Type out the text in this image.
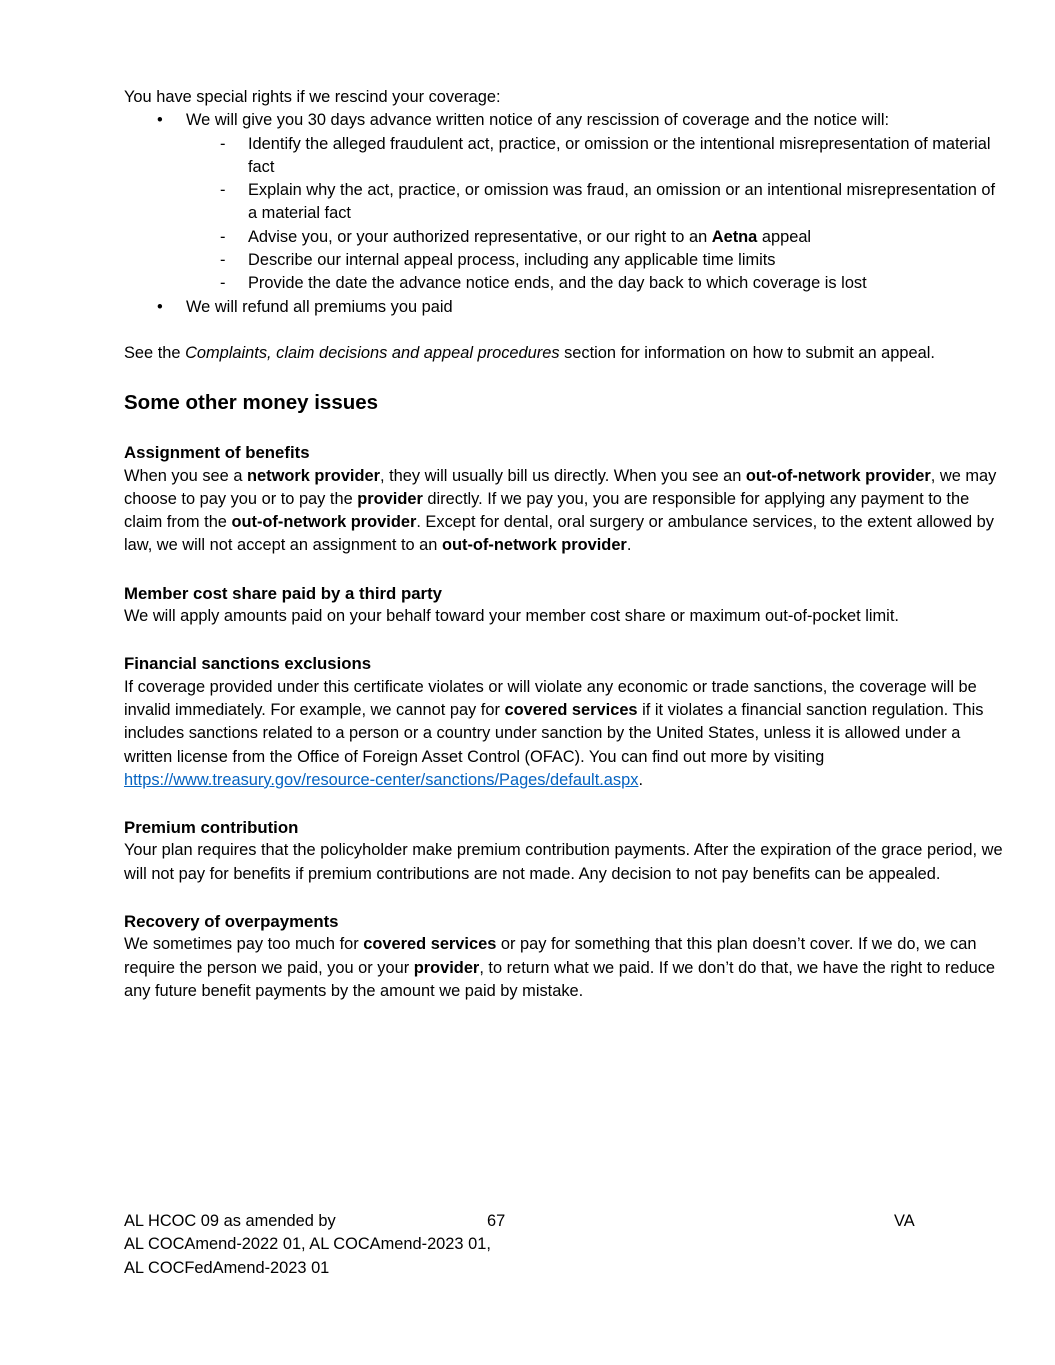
You have special rights if we rescind your coverage:

• We will give you 30 days advance written notice of any rescission of coverage and the notice will:
- Identify the alleged fraudulent act, practice, or omission or the intentional misrepresentation of material fact
- Explain why the act, practice, or omission was fraud, an omission or an intentional misrepresentation of a material fact
- Advise you, or your authorized representative, or our right to an Aetna appeal
- Describe our internal appeal process, including any applicable time limits
- Provide the date the advance notice ends, and the day back to which coverage is lost
• We will refund all premiums you paid

See the Complaints, claim decisions and appeal procedures section for information on how to submit an appeal.

Some other money issues
Assignment of benefits

When you see a network provider, they will usually bill us directly. When you see an out-of-network provider, we may choose to pay you or to pay the provider directly. If we pay you, you are responsible for applying any payment to the claim from the out-of-network provider. Except for dental, oral surgery or ambulance services, to the extent allowed by law, we will not accept an assignment to an out-of-network provider.

Member cost share paid by a third party

We will apply amounts paid on your behalf toward your member cost share or maximum out-of-pocket limit.

Financial sanctions exclusions

If coverage provided under this certificate violates or will violate any economic or trade sanctions, the coverage will be invalid immediately. For example, we cannot pay for covered services if it violates a financial sanction regulation. This includes sanctions related to a person or a country under sanction by the United States, unless it is allowed under a written license from the Office of Foreign Asset Control (OFAC). You can find out more by visiting https://www.treasury.gov/resource-center/sanctions/Pages/default.aspx.

Premium contribution

Your plan requires that the policyholder make premium contribution payments. After the expiration of the grace period, we will not pay for benefits if premium contributions are not made. Any decision to not pay benefits can be appealed.

Recovery of overpayments

We sometimes pay too much for covered services or pay for something that this plan doesn’t cover. If we do, we can require the person we paid, you or your provider, to return what we paid. If we don’t do that, we have the right to reduce any future benefit payments by the amount we paid by mistake.

AL HCOC 09 as amended by	67	VA
AL COCAmend-2022 01, AL COCAmend-2023 01,
AL COCFedAmend-2023 01
